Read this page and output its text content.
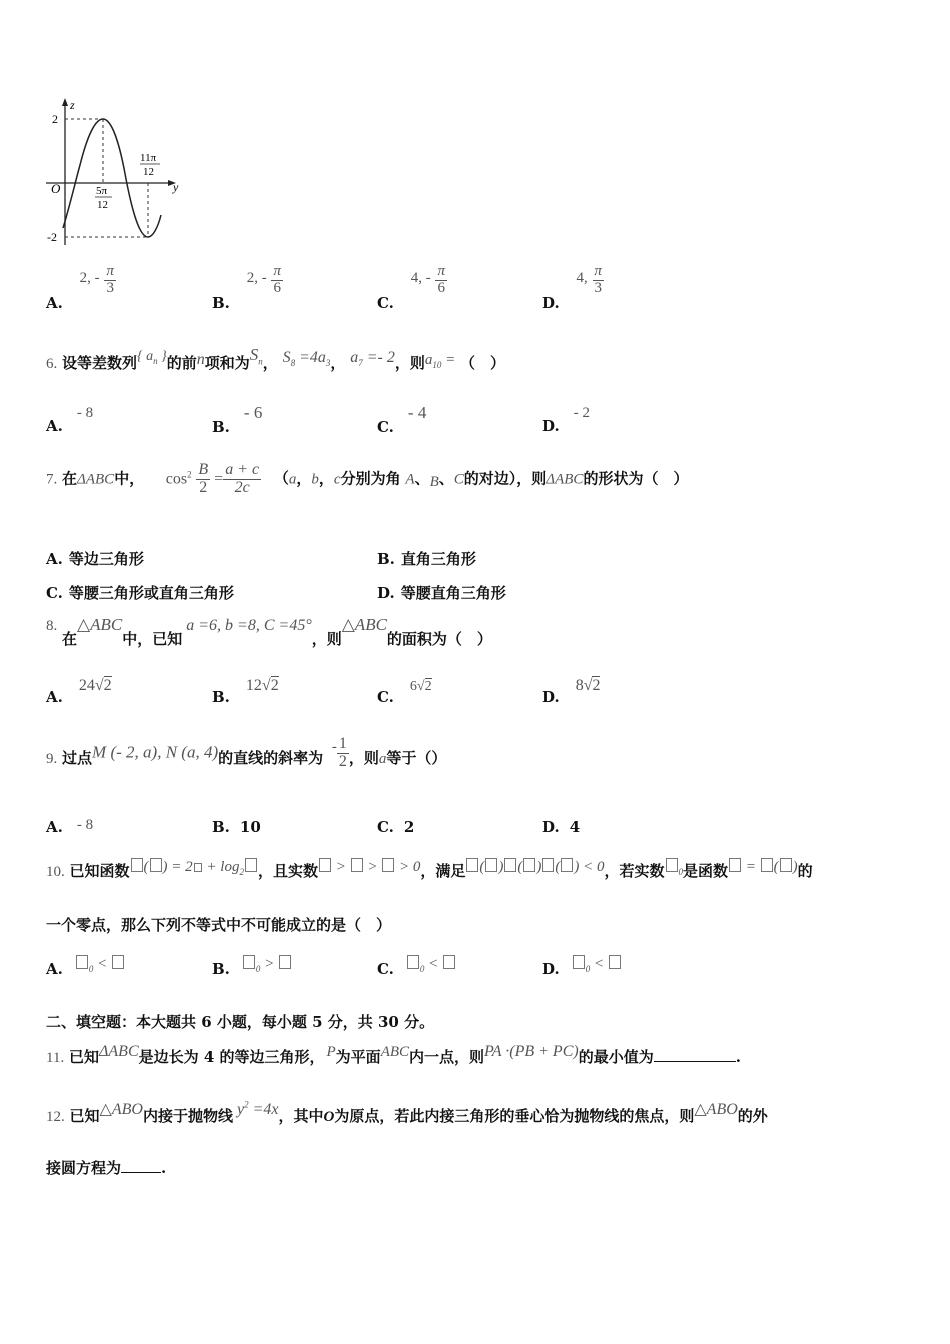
z
y
O
2
-2
5π
12
11π
12
A. 2, - $\frac{\pi}{3}$
B. 2, - $\frac{\pi}{6}$
C. 4, - $\frac{\pi}{6}$
D. 4, $\frac{\pi}{3}$
6. 设等差数列{ $a_n$ }的前n项和为$S_n$， $S_8 =4a_3$， $a_7 =- 2$，则$a_{10}$ = （　）
A.- 8
B.- 6
C.- 4
D.- 2
7. 在ΔABC中， $\cos^2 \frac{B}{2} = \frac{a + c}{2c} (a$，b，c分别为角 A、B、C的对边），则ΔABC的形状为（　）
A. 等边三角形	B. 直角三角形
C. 等腰三角形或直角三角形	D. 等腰直角三角形
8. 在△ABC中，已知a =6, b =8, C =45°，则△ABC的面积为（　）
A.24√2
B.12√2
C.6√2
D.8√2
9. 过点M (- 2, a), N (a, 4)的直线的斜率为 - $\frac{1}{2}$ ，则a等于（）
A. - 8	B. 10	C. 2	D. 4
10. 已知函数 ( ) = $2 + \log_2$ ，且实数 >  >  > 0，满足 ( ) ( ) ( ) < 0，若实数 $_0$是函数 = ( )的
一个零点，那么下列不等式中不可能成立的是（　）
A.	$_0$ <	B.	$_0$ >	C.	$_0$ <	D.	$_0$ <
二、填空题：本大题共 6 小题，每小题 5 分，共 30 分。
11. 已知ΔABC是边长为 4 的等边三角形， P为平面ABC内一点，则PA ·(PB + PC)的最小值为	.
12. 已知△ABO内接于抛物线 $y^2 =4x$，其中O为原点，若此内接三角形的垂心恰为抛物线的焦点，则△ABO的外
接圆方程为	.
